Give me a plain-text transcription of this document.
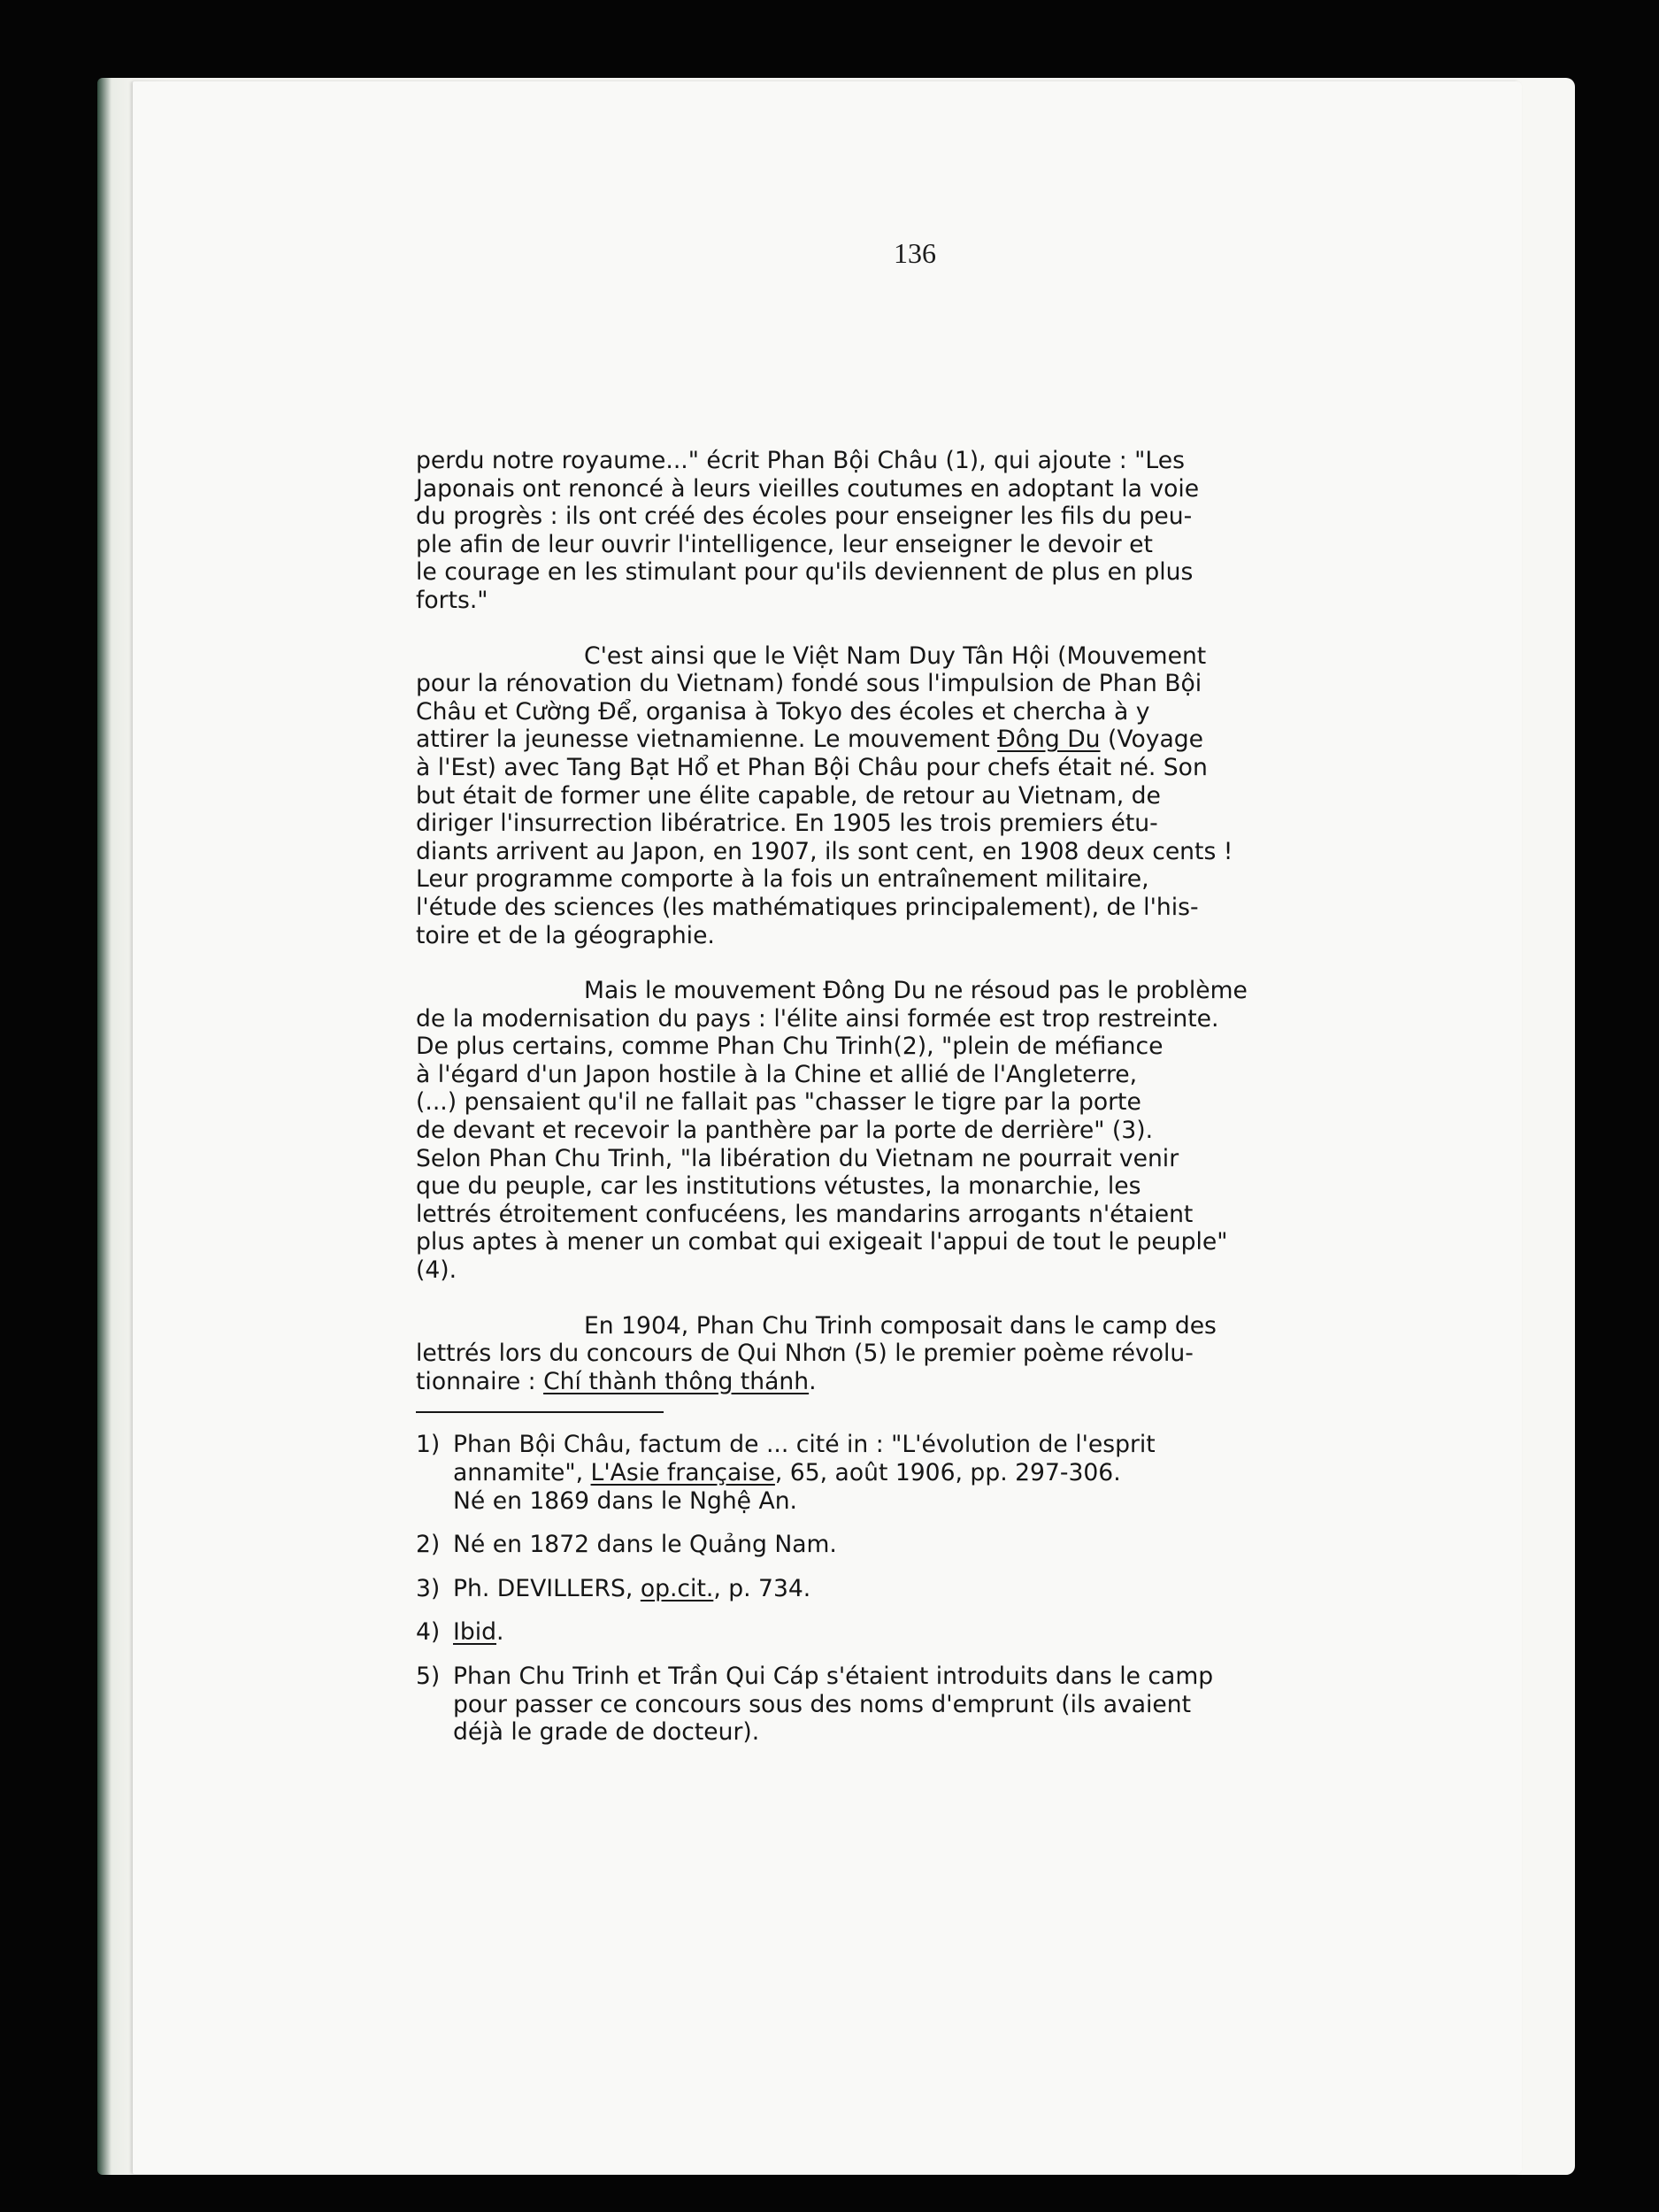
136
perdu notre royaume..." écrit Phan Bội Châu (1), qui ajoute : "Les
Japonais ont renoncé à leurs vieilles coutumes en adoptant la voie
du progrès : ils ont créé des écoles pour enseigner les fils du peu-
ple afin de leur ouvrir l'intelligence, leur enseigner le devoir et
le courage en les stimulant pour qu'ils deviennent de plus en plus
forts."
C'est ainsi que le Việt Nam Duy Tân Hội (Mouvement
pour la rénovation du Vietnam) fondé sous l'impulsion de Phan Bội
Châu et Cường Để, organisa à Tokyo des écoles et chercha à y
attirer la jeunesse vietnamienne. Le mouvement Đông Du (Voyage
à l'Est) avec Tang Bạt Hổ et Phan Bội Châu pour chefs était né. Son
but était de former une élite capable, de retour au Vietnam, de
diriger l'insurrection libératrice. En 1905 les trois premiers étu-
diants arrivent au Japon, en 1907, ils sont cent, en 1908 deux cents !
Leur programme comporte à la fois un entraînement militaire,
l'étude des sciences (les mathématiques principalement), de l'his-
toire et de la géographie.
Mais le mouvement Đông Du ne résoud pas le problème
de la modernisation du pays : l'élite ainsi formée est trop restreinte.
De plus certains, comme Phan Chu Trinh(2), "plein de méfiance
à l'égard d'un Japon hostile à la Chine et allié de l'Angleterre,
(...) pensaient qu'il ne fallait pas "chasser le tigre par la porte
de devant et recevoir la panthère par la porte de derrière" (3).
Selon Phan Chu Trinh, "la libération du Vietnam ne pourrait venir
que du peuple, car les institutions vétustes, la monarchie, les
lettrés étroitement confucéens, les mandarins arrogants n'étaient
plus aptes à mener un combat qui exigeait l'appui de tout le peuple"
(4).
En 1904, Phan Chu Trinh composait dans le camp des
lettrés lors du concours de Qui Nhơn (5) le premier poème révolu-
tionnaire : Chí thành thông thánh.
1) Phan Bội Châu, factum de ... cité in : "L'évolution de l'esprit
annamite", L'Asie française, 65, août 1906, pp. 297-306.
Né en 1869 dans le Nghệ An.
2) Né en 1872 dans le Quảng Nam.
3) Ph. DEVILLERS, op.cit., p. 734.
4) Ibid.
5) Phan Chu Trinh et Trần Qui Cáp s'étaient introduits dans le camp
pour passer ce concours sous des noms d'emprunt (ils avaient
déjà le grade de docteur).
